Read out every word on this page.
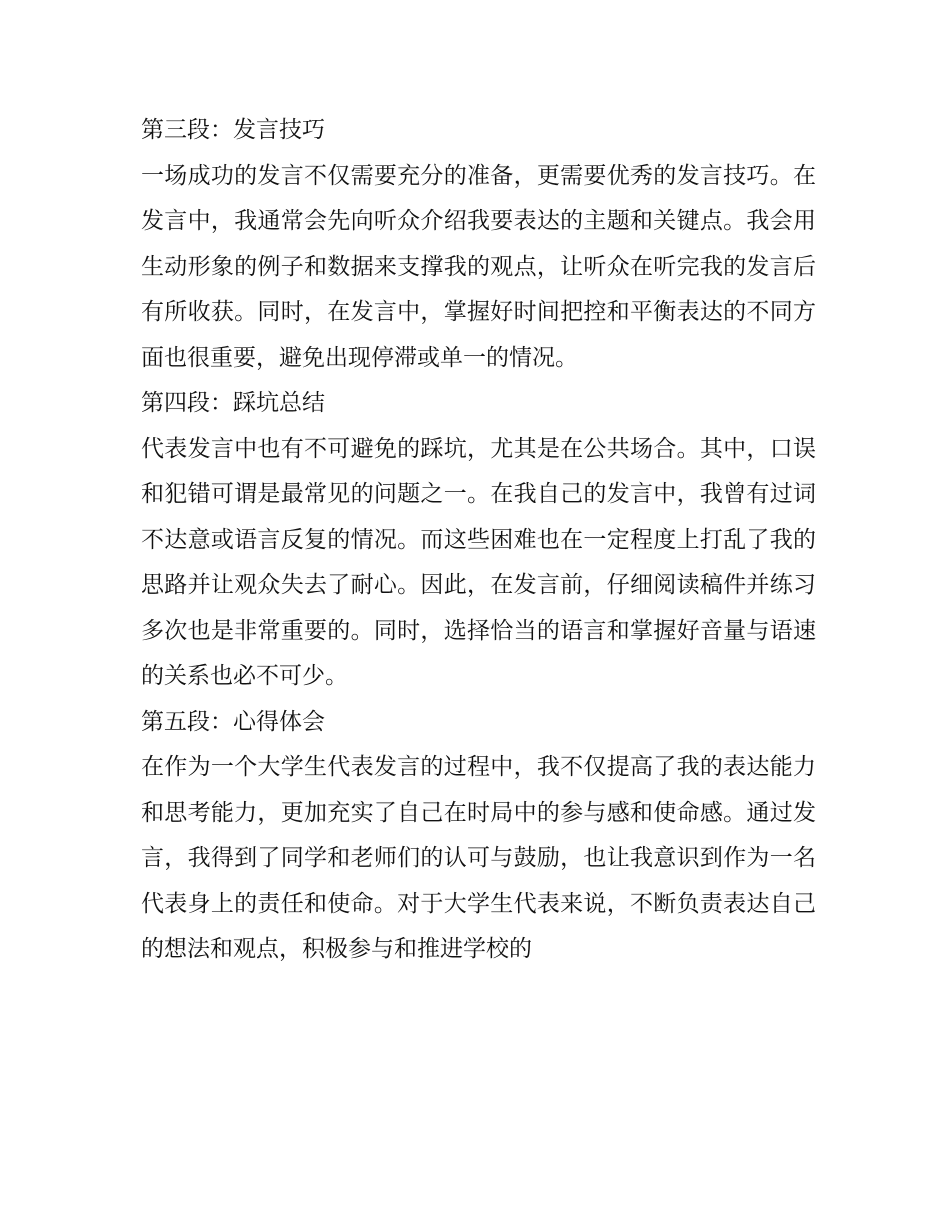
第三段：发言技巧
一场成功的发言不仅需要充分的准备，更需要优秀的发言技巧。在发言中，我通常会先向听众介绍我要表达的主题和关键点。我会用生动形象的例子和数据来支撑我的观点，让听众在听完我的发言后有所收获。同时，在发言中，掌握好时间把控和平衡表达的不同方面也很重要，避免出现停滞或单一的情况。
第四段：踩坑总结
代表发言中也有不可避免的踩坑，尤其是在公共场合。其中，口误和犯错可谓是最常见的问题之一。在我自己的发言中，我曾有过词不达意或语言反复的情况。而这些困难也在一定程度上打乱了我的思路并让观众失去了耐心。因此，在发言前，仔细阅读稿件并练习多次也是非常重要的。同时，选择恰当的语言和掌握好音量与语速的关系也必不可少。
第五段：心得体会
在作为一个大学生代表发言的过程中，我不仅提高了我的表达能力和思考能力，更加充实了自己在时局中的参与感和使命感。通过发言，我得到了同学和老师们的认可与鼓励，也让我意识到作为一名代表身上的责任和使命。对于大学生代表来说，不断负责表达自己的想法和观点，积极参与和推进学校的
